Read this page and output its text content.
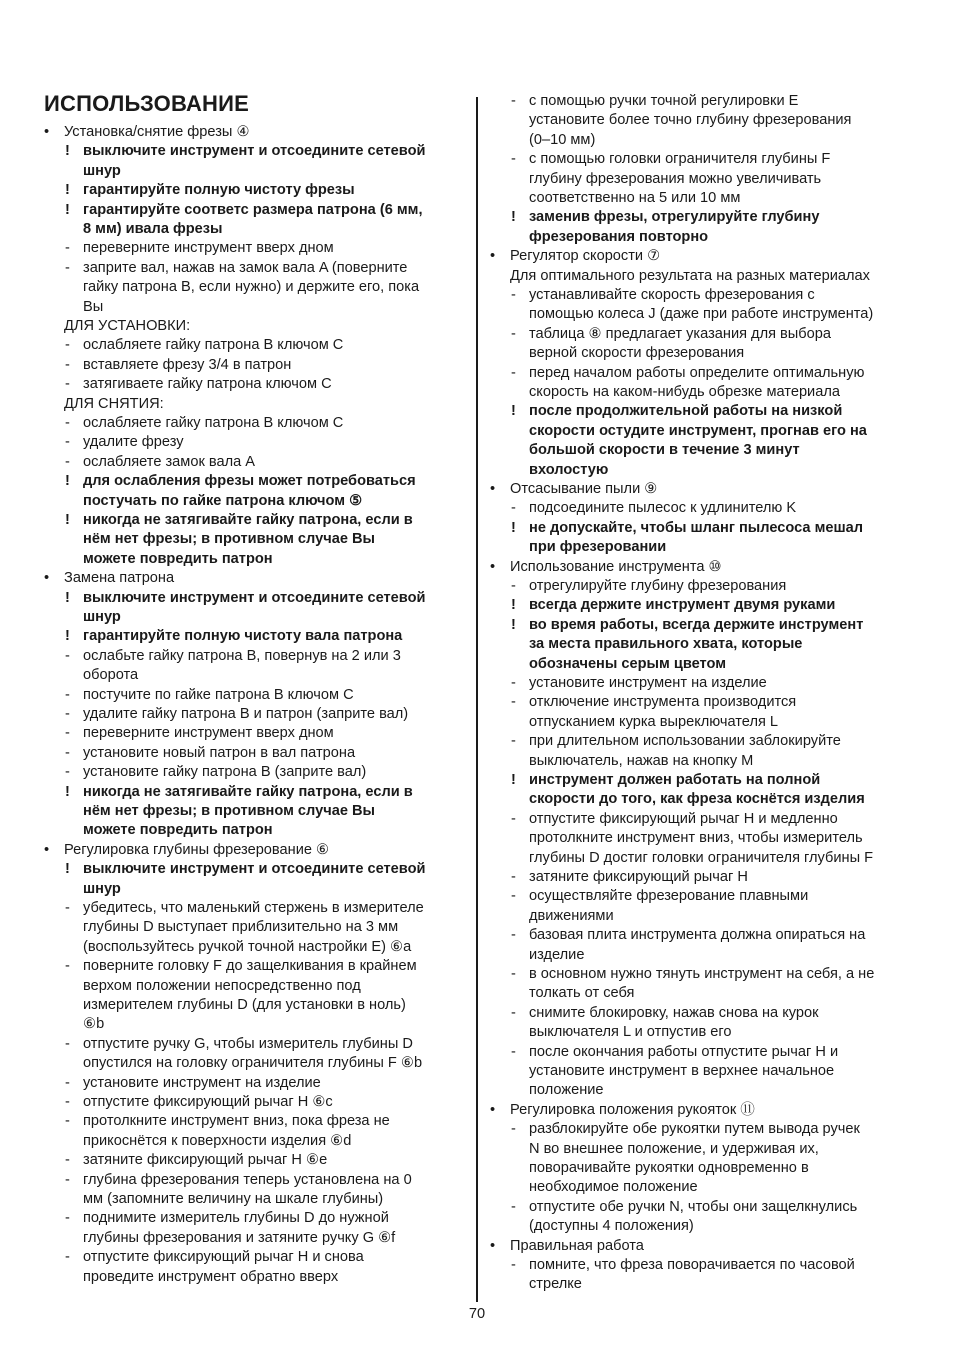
ИСПОЛЬЗОВАНИЕ
• Установка/снятие фрезы ④
! выключите инструмент и отсоедините сетевой
шнур
! гарантируйте полную чистоту фрезы
! гарантируйте соответс размера патрона (6 мм,
8 мм) ивала фрезы
- переверните инструмент вверх дном
- заприте вал, нажав на замок вала A (поверните
гайку патрона B, если нужно) и держите его, пока
Вы
ДЛЯ УСТАНОВКИ:
- ослабляете гайку патрона B ключом C
- вставляете фрезу 3/4 в патрон
- затягиваете гайку патрона ключом C
ДЛЯ СНЯТИЯ:
- ослабляете гайку патрона B ключом C
- удалите фрезу
- ослабляете замок вала A
! для ослабления фрезы может потребоваться
постучать по гайке патрона ключом ⑤
! никогда не затягивайте гайку патрона, если в
нём нет фрезы; в противном случае Вы
можете повредить патрон
• Замена патрона
! выключите инструмент и отсоедините сетевой
шнур
! гарантируйте полную чистоту вала патрона
- ослабьте гайку патрона B, повернув на 2 или 3
оборота
- постучите по гайке патрона B ключом C
- удалите гайку патрона B и патрон (заприте вал)
- переверните инструмент вверх дном
- установите новый патрон в вал патрона
- установите гайку патрона B (заприте вал)
! никогда не затягивайте гайку патрона, если в
нём нет фрезы; в противном случае Вы
можете повредить патрон
• Регулировка глубины фрезерование ⑥
! выключите инструмент и отсоедините сетевой
шнур
- убедитесь, что маленький стержень в измерителе
глубины D выступает приблизительно на 3 мм
(воспользуйтесь ручкой точной настройки E) ⑥a
- поверните головку F до защелкивания в крайнем
верхом положении непосредственно под
измерителем глубины D (для установки в ноль)
⑥b
- отпустите ручку G, чтобы измеритель глубины D
опустился на головку ограничителя глубины F ⑥b
- установите инструмент на изделие
- отпустите фиксирующий рычаг H ⑥c
- протолкните инструмент вниз, пока фреза не
прикоснётся к поверхности изделия ⑥d
- затяните фиксирующий рычаг H ⑥e
- глубина фрезерования теперь установлена на 0
мм (запомните величину на шкале глубины)
- поднимите измеритель глубины D до нужной
глубины фрезерования и затяните ручку G ⑥f
- отпустите фиксирующий рычаг H и снова
проведите инструмент обратно вверх
- с помощью ручки точной регулировки E
установите более точно глубину фрезерования
(0–10 мм)
- с помощью головки ограничителя глубины F
глубину фрезерования можно увеличивать
соответственно на 5 или 10 мм
! заменив фрезы, отрегулируйте глубину
фрезерования повторно
• Регулятор скорости ⑦
Для оптимального результата на разных материалах
- устанавливайте скорость фрезерования с
помощью колеса J (даже при работе инструмента)
- таблица ⑧ предлагает указания для выбора
верной скорости фрезерования
- перед началом работы определите оптимальную
скорость на каком-нибудь обрезке материала
! после продолжительной работы на низкой
скорости остудите инструмент, прогнав его на
большой скорости в течение 3 минут
вхолостую
• Отсасывание пыли ⑨
- подсоедините пылесос к удлинителю K
! не допускайте, чтобы шланг пылесоса мешал
при фрезеровании
• Использование инструмента ⑩
- отрегулируйте глубину фрезерования
! всегда держите инструмент двумя руками
! во время работы, всегда держите инструмент
за места правильного хвата, которые
обозначены серым цветом
- установите инструмент на изделие
- отключение инструмента производится
отпусканием курка выреключателя L
- при длительном использовании заблокируйте
выключатель, нажав на кнопку M
! инструмент должен работать на полной
скорости до того, как фреза коснётся изделия
- отпустите фиксирующий рычаг H и медленно
протолкните инструмент вниз, чтобы измеритель
глубины D достиг головки ограничителя глубины F
- затяните фиксирующий рычаг H
- осуществляйте фрезерование плавными
движениями
- базовая плита инструмента должна опираться на
изделие
- в основном нужно тянуть инструмент на себя, а не
толкать от себя
- снимите блокировку, нажав снова на курок
выключателя L и отпустив его
- после окончания работы отпустите рычаг H и
установите инструмент в верхнее начальное
положение
• Регулировка положения рукояток ⑪
- разблокируйте обе рукоятки путем вывода ручек
N во внешнее положение, и удерживая их,
поворачивайте рукоятки одновременно в
необходимое положение
- отпустите обе ручки N, чтобы они защелкнулись
(доступны 4 положения)
• Правильная работа
- помните, что фреза поворачивается по часовой
стрелке
70
